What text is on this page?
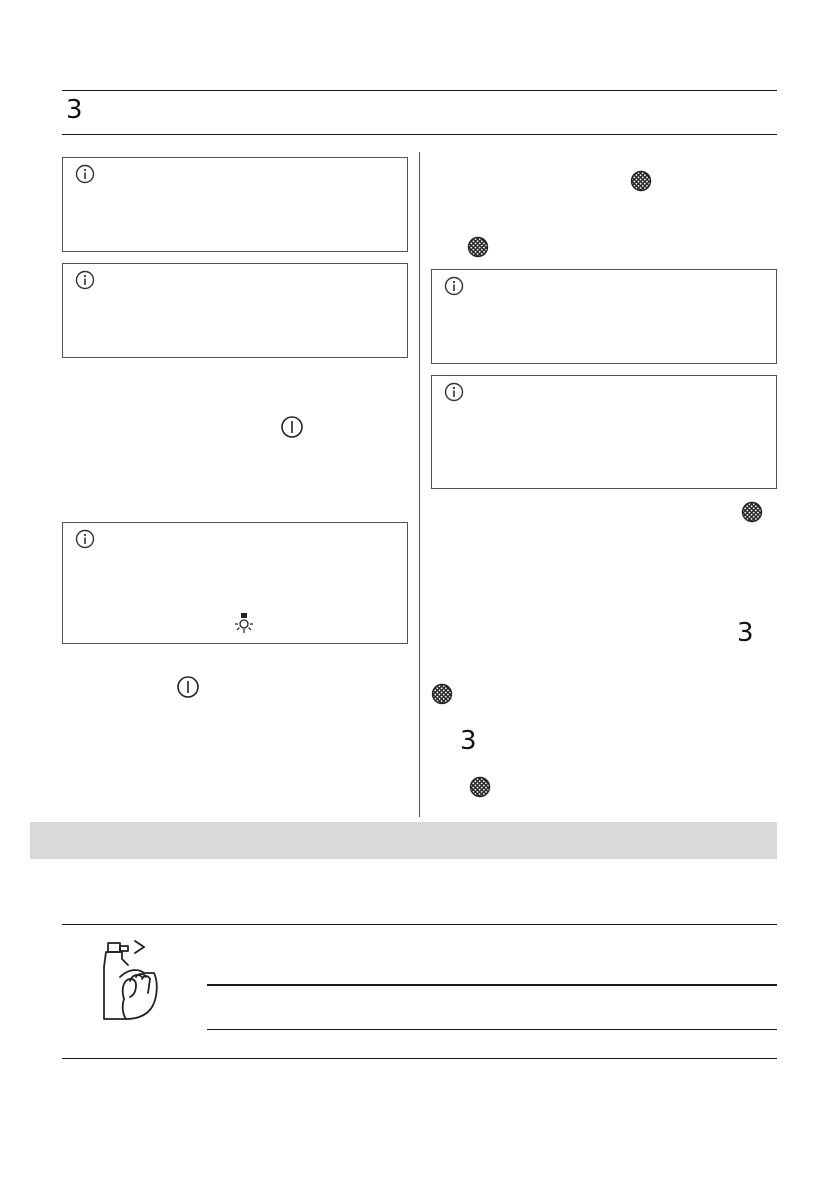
3
3
3
